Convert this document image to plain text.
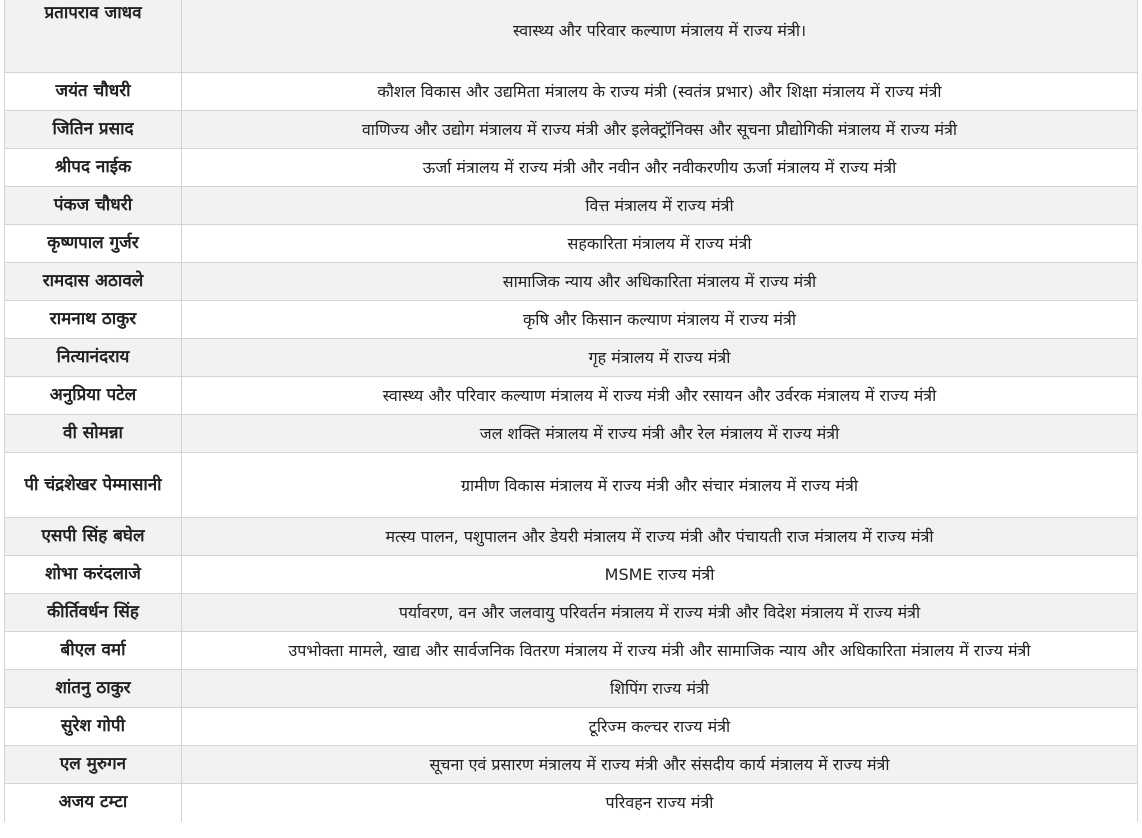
प्रतापराव जाधव	स्वास्थ्य और परिवार कल्याण मंत्रालय में राज्य मंत्री।
जयंत चौधरी	कौशल विकास और उद्यमिता मंत्रालय के राज्य मंत्री (स्वतंत्र प्रभार) और शिक्षा मंत्रालय में राज्य मंत्री
जितिन प्रसाद	वाणिज्य और उद्योग मंत्रालय में राज्य मंत्री और इलेक्ट्रॉनिक्स और सूचना प्रौद्योगिकी मंत्रालय में राज्य मंत्री
श्रीपद नाईक	ऊर्जा मंत्रालय में राज्य मंत्री और नवीन और नवीकरणीय ऊर्जा मंत्रालय में राज्य मंत्री
पंकज चौधरी	वित्त मंत्रालय में राज्य मंत्री
कृष्णपाल गुर्जर	सहकारिता मंत्रालय में राज्य मंत्री
रामदास अठावले	सामाजिक न्याय और अधिकारिता मंत्रालय में राज्य मंत्री
रामनाथ ठाकुर	कृषि और किसान कल्याण मंत्रालय में राज्य मंत्री
नित्यानंदराय	गृह मंत्रालय में राज्य मंत्री
अनुप्रिया पटेल	स्वास्थ्य और परिवार कल्याण मंत्रालय में राज्य मंत्री और रसायन और उर्वरक मंत्रालय में राज्य मंत्री
वी सोमन्ना	जल शक्ति मंत्रालय में राज्य मंत्री और रेल मंत्रालय में राज्य मंत्री
पी चंद्रशेखर पेम्मासानी	ग्रामीण विकास मंत्रालय में राज्य मंत्री और संचार मंत्रालय में राज्य मंत्री
एसपी सिंह बघेल	मत्स्य पालन, पशुपालन और डेयरी मंत्रालय में राज्य मंत्री और पंचायती राज मंत्रालय में राज्य मंत्री
शोभा करंदलाजे	MSME राज्य मंत्री
कीर्तिवर्धन सिंह	पर्यावरण, वन और जलवायु परिवर्तन मंत्रालय में राज्य मंत्री और विदेश मंत्रालय में राज्य मंत्री
बीएल वर्मा	उपभोक्ता मामले, खाद्य और सार्वजनिक वितरण मंत्रालय में राज्य मंत्री और सामाजिक न्याय और अधिकारिता मंत्रालय में राज्य मंत्री
शांतनु ठाकुर	शिपिंग राज्य मंत्री
सुरेश गोपी	टूरिज्म कल्चर राज्य मंत्री
एल मुरुगन	सूचना एवं प्रसारण मंत्रालय में राज्य मंत्री और संसदीय कार्य मंत्रालय में राज्य मंत्री
अजय टम्टा	परिवहन राज्य मंत्री
